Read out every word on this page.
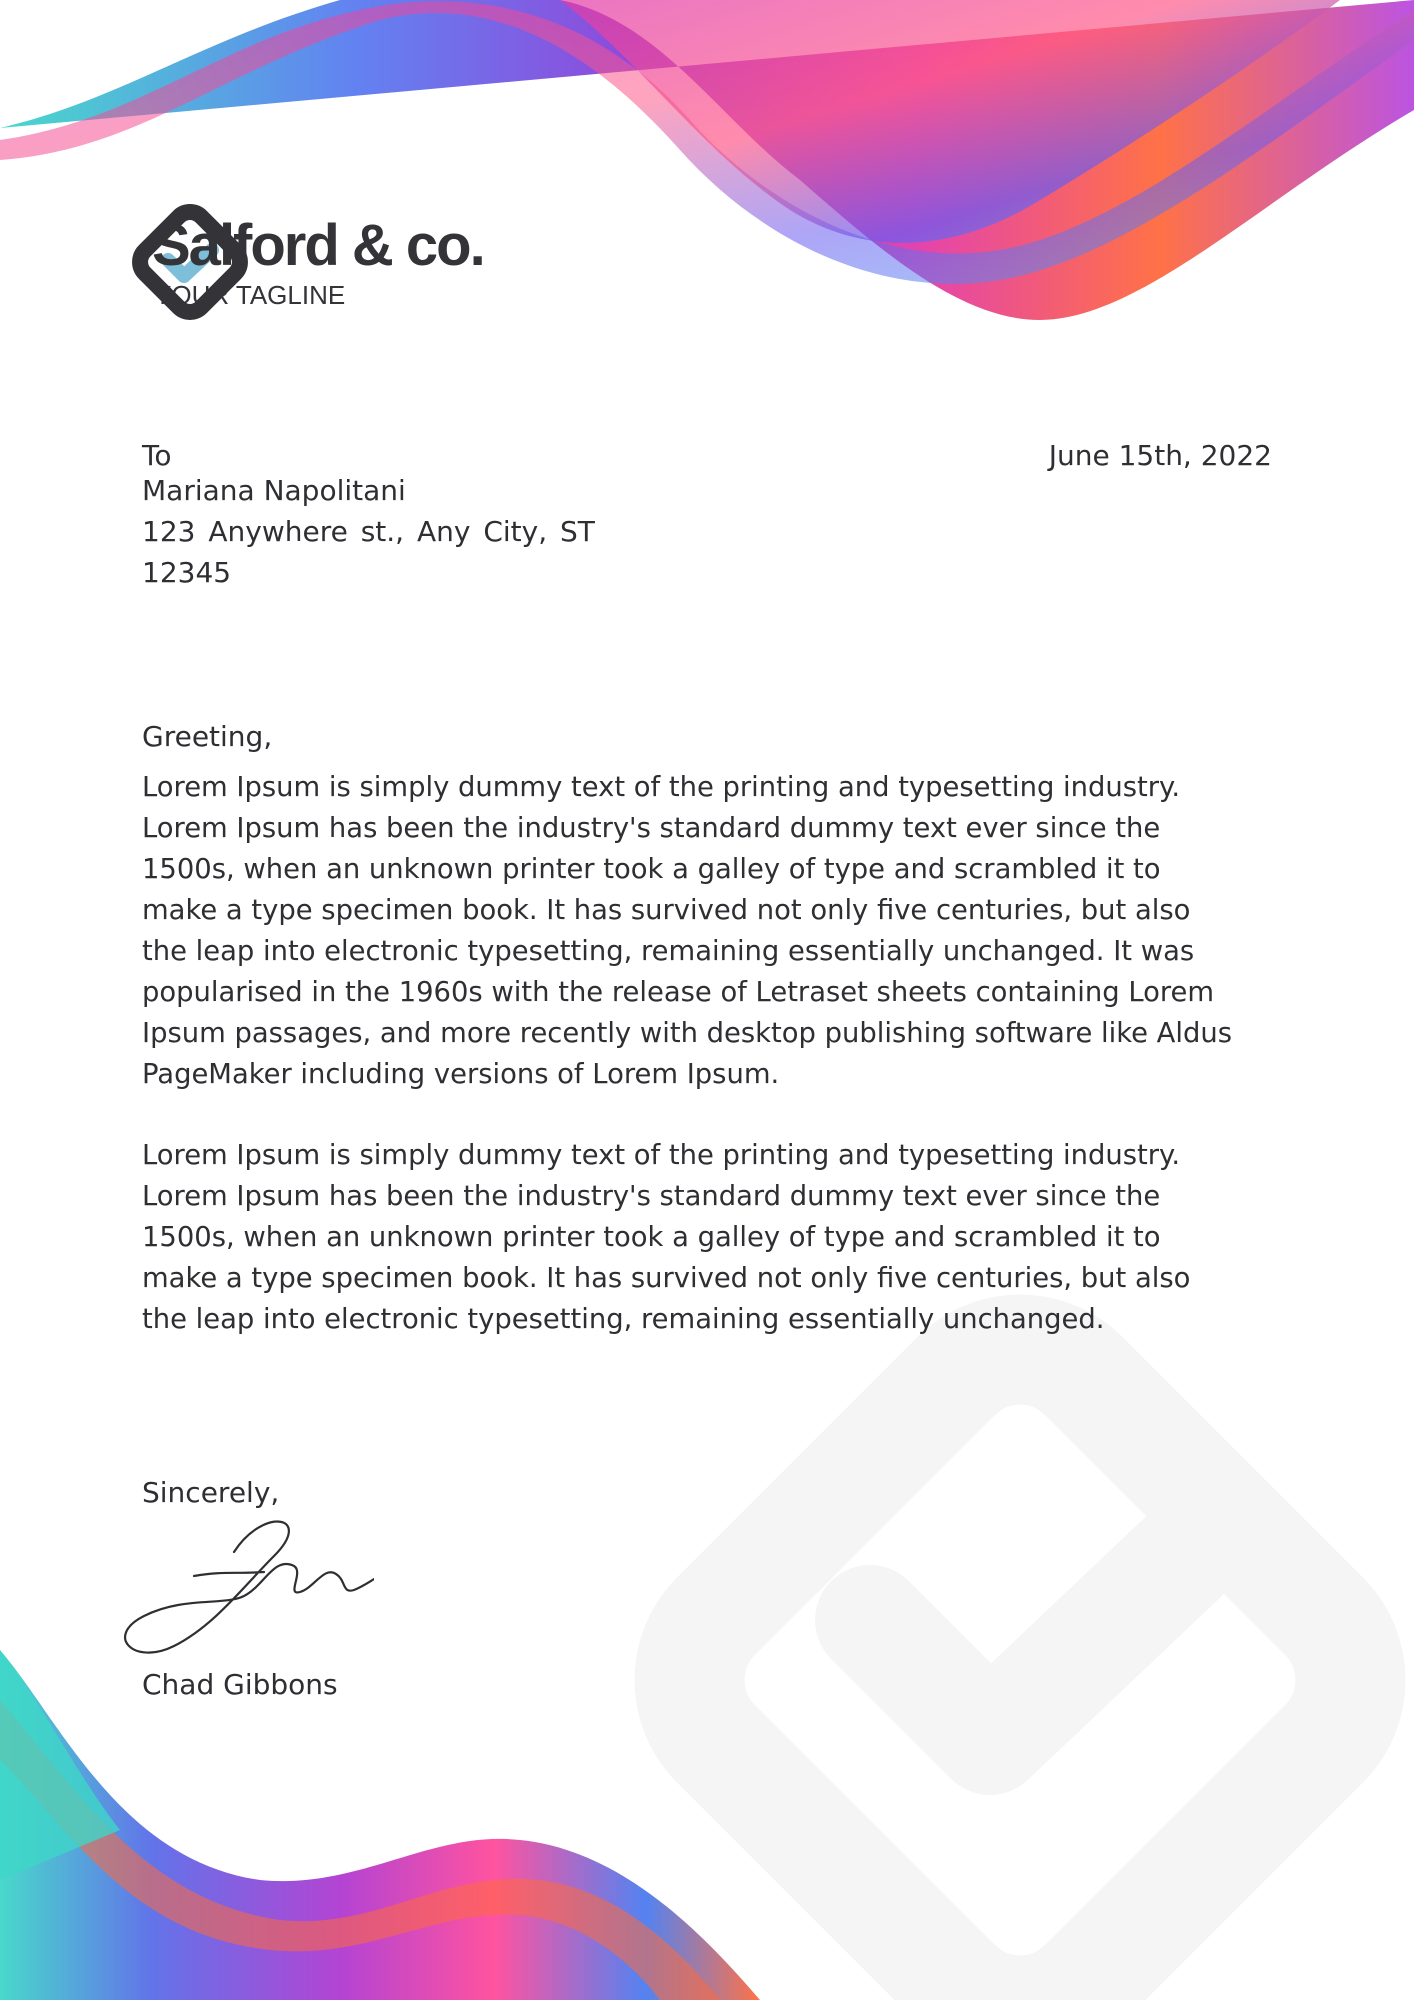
Salford & co.
YOUR TAGLINE
To
Mariana Napolitani
123 Anywhere st., Any City, ST
12345
June 15th, 2022
Greeting,
Lorem Ipsum is simply dummy text of the printing and typesetting industry.
Lorem Ipsum has been the industry's standard dummy text ever since the
1500s, when an unknown printer took a galley of type and scrambled it to
make a type specimen book. It has survived not only five centuries, but also
the leap into electronic typesetting, remaining essentially unchanged. It was
popularised in the 1960s with the release of Letraset sheets containing Lorem
Ipsum passages, and more recently with desktop publishing software like Aldus
PageMaker including versions of Lorem Ipsum.
Lorem Ipsum is simply dummy text of the printing and typesetting industry.
Lorem Ipsum has been the industry's standard dummy text ever since the
1500s, when an unknown printer took a galley of type and scrambled it to
make a type specimen book. It has survived not only five centuries, but also
the leap into electronic typesetting, remaining essentially unchanged.
Sincerely,
Chad Gibbons
